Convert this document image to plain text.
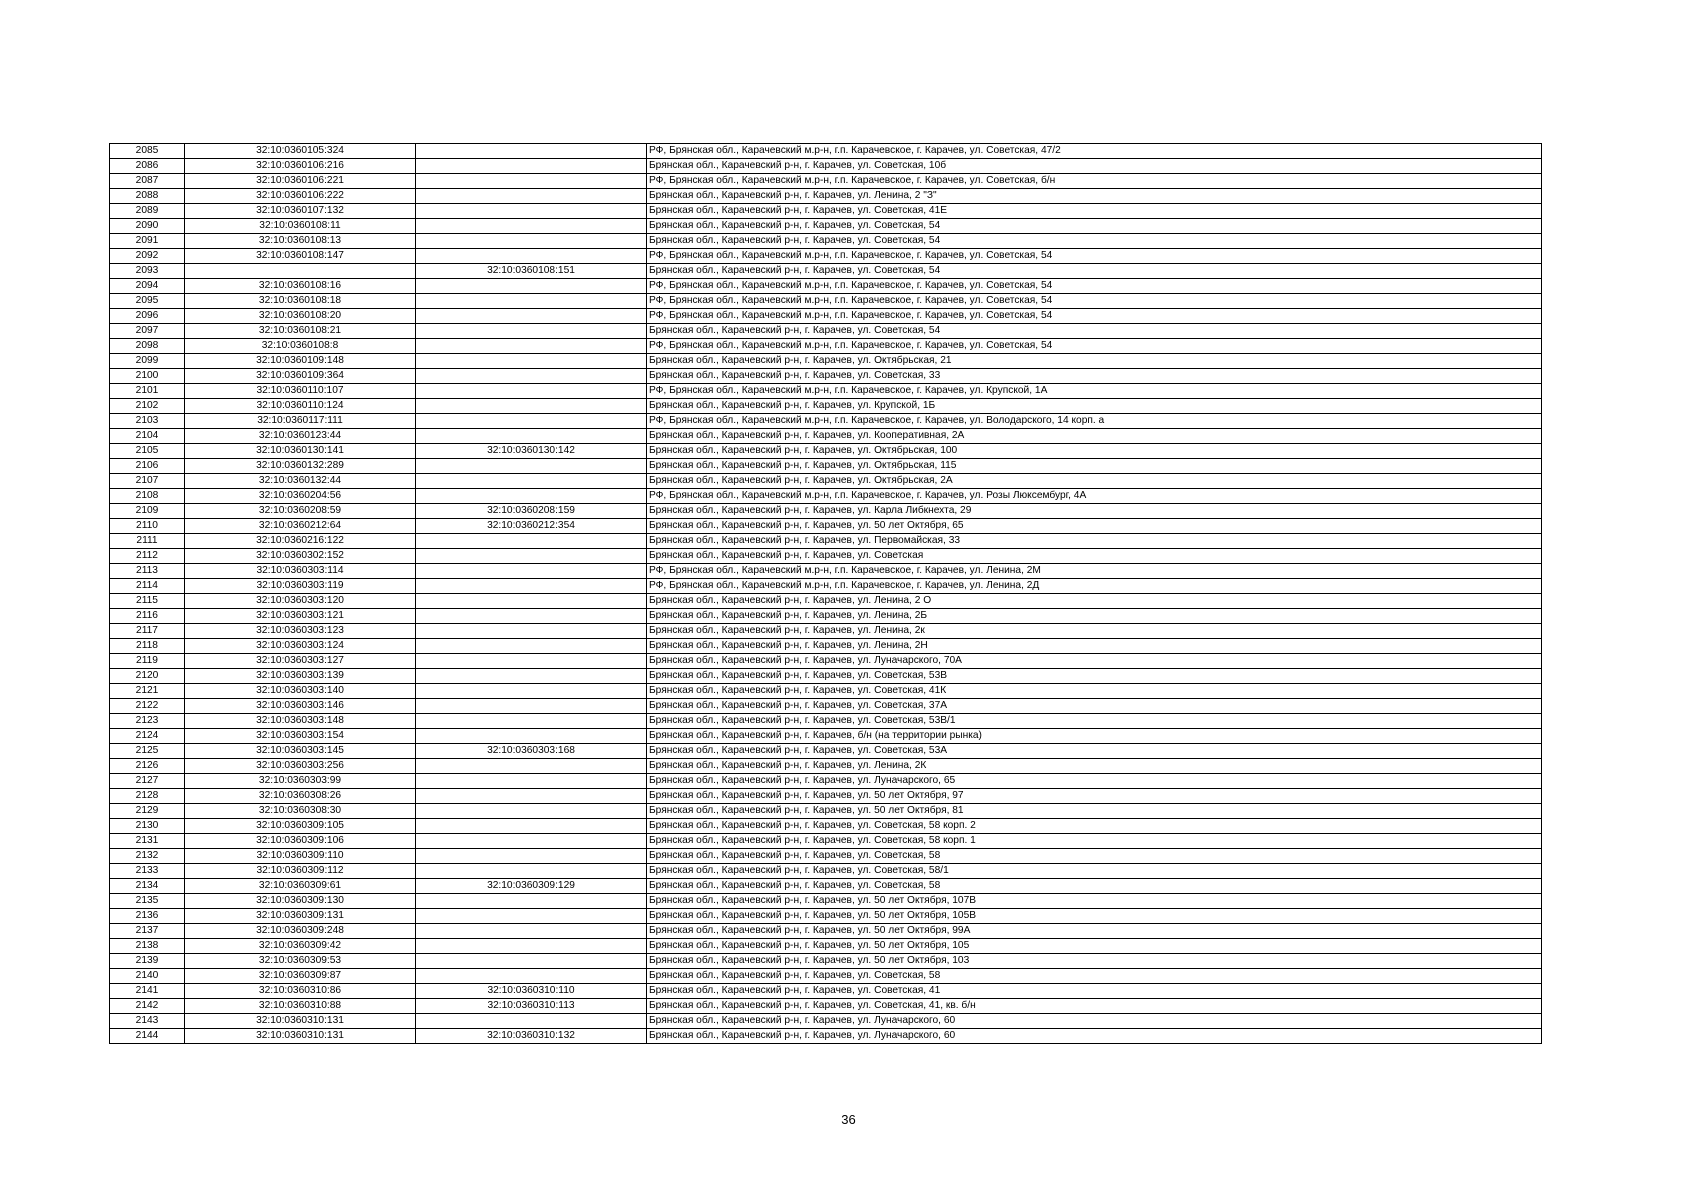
2085	32:10:0360105:324		РФ, Брянская обл., Карачевский м.р-н, г.п. Карачевское, г. Карачев, ул. Советская, 47/2
2086	32:10:0360106:216		Брянская обл., Карачевский р-н, г. Карачев, ул. Советская, 10б
2087	32:10:0360106:221		РФ, Брянская обл., Карачевский м.р-н, г.п. Карачевское, г. Карачев, ул. Советская, б/н
2088	32:10:0360106:222		Брянская обл., Карачевский р-н, г. Карачев, ул. Ленина, 2 "З"
2089	32:10:0360107:132		Брянская обл., Карачевский р-н, г. Карачев, ул. Советская, 41Е
2090	32:10:0360108:11		Брянская обл., Карачевский р-н, г. Карачев, ул. Советская, 54
2091	32:10:0360108:13		Брянская обл., Карачевский р-н, г. Карачев, ул. Советская, 54
2092	32:10:0360108:147		РФ, Брянская обл., Карачевский м.р-н, г.п. Карачевское, г. Карачев, ул. Советская, 54
2093		32:10:0360108:151	Брянская обл., Карачевский р-н, г. Карачев, ул. Советская, 54
2094	32:10:0360108:16		РФ, Брянская обл., Карачевский м.р-н, г.п. Карачевское, г. Карачев, ул. Советская, 54
2095	32:10:0360108:18		РФ, Брянская обл., Карачевский м.р-н, г.п. Карачевское, г. Карачев, ул. Советская, 54
2096	32:10:0360108:20		РФ, Брянская обл., Карачевский м.р-н, г.п. Карачевское, г. Карачев, ул. Советская, 54
2097	32:10:0360108:21		Брянская обл., Карачевский р-н, г. Карачев, ул. Советская, 54
2098	32:10:0360108:8		РФ, Брянская обл., Карачевский м.р-н, г.п. Карачевское, г. Карачев, ул. Советская, 54
2099	32:10:0360109:148		Брянская обл., Карачевский р-н, г. Карачев, ул. Октябрьская, 21
2100	32:10:0360109:364		Брянская обл., Карачевский р-н, г. Карачев, ул. Советская, 33
2101	32:10:0360110:107		РФ, Брянская обл., Карачевский м.р-н, г.п. Карачевское, г. Карачев, ул. Крупской, 1А
2102	32:10:0360110:124		Брянская обл., Карачевский р-н, г. Карачев, ул. Крупской, 1Б
2103	32:10:0360117:111		РФ, Брянская обл., Карачевский м.р-н, г.п. Карачевское, г. Карачев, ул. Володарского, 14 корп. а
2104	32:10:0360123:44		Брянская обл., Карачевский р-н, г. Карачев, ул. Кооперативная, 2А
2105	32:10:0360130:141	32:10:0360130:142	Брянская обл., Карачевский р-н, г. Карачев, ул. Октябрьская, 100
2106	32:10:0360132:289		Брянская обл., Карачевский р-н, г. Карачев, ул. Октябрьская, 115
2107	32:10:0360132:44		Брянская обл., Карачевский р-н, г. Карачев, ул. Октябрьская, 2А
2108	32:10:0360204:56		РФ, Брянская обл., Карачевский м.р-н, г.п. Карачевское, г. Карачев, ул. Розы Люксембург, 4А
2109	32:10:0360208:59	32:10:0360208:159	Брянская обл., Карачевский р-н, г. Карачев, ул. Карла Либкнехта, 29
2110	32:10:0360212:64	32:10:0360212:354	Брянская обл., Карачевский р-н, г. Карачев, ул. 50 лет Октября, 65
2111	32:10:0360216:122		Брянская обл., Карачевский р-н, г. Карачев, ул. Первомайская, 33
2112	32:10:0360302:152		Брянская обл., Карачевский р-н, г. Карачев, ул. Советская
2113	32:10:0360303:114		РФ, Брянская обл., Карачевский м.р-н, г.п. Карачевское, г. Карачев, ул. Ленина, 2М
2114	32:10:0360303:119		РФ, Брянская обл., Карачевский м.р-н, г.п. Карачевское, г. Карачев, ул. Ленина, 2Д
2115	32:10:0360303:120		Брянская обл., Карачевский р-н, г. Карачев, ул. Ленина, 2 О
2116	32:10:0360303:121		Брянская обл., Карачевский р-н, г. Карачев, ул. Ленина, 2Б
2117	32:10:0360303:123		Брянская обл., Карачевский р-н, г. Карачев, ул. Ленина, 2к
2118	32:10:0360303:124		Брянская обл., Карачевский р-н, г. Карачев, ул. Ленина, 2Н
2119	32:10:0360303:127		Брянская обл., Карачевский р-н, г. Карачев, ул. Луначарского, 70А
2120	32:10:0360303:139		Брянская обл., Карачевский р-н, г. Карачев, ул. Советская, 53В
2121	32:10:0360303:140		Брянская обл., Карачевский р-н, г. Карачев, ул. Советская, 41К
2122	32:10:0360303:146		Брянская обл., Карачевский р-н, г. Карачев, ул. Советская, 37А
2123	32:10:0360303:148		Брянская обл., Карачевский р-н, г. Карачев, ул. Советская, 53В/1
2124	32:10:0360303:154		Брянская обл., Карачевский р-н, г. Карачев, б/н (на территории рынка)
2125	32:10:0360303:145	32:10:0360303:168	Брянская обл., Карачевский р-н, г. Карачев, ул. Советская, 53А
2126	32:10:0360303:256		Брянская обл., Карачевский р-н, г. Карачев, ул. Ленина, 2К
2127	32:10:0360303:99		Брянская обл., Карачевский р-н, г. Карачев, ул. Луначарского, 65
2128	32:10:0360308:26		Брянская обл., Карачевский р-н, г. Карачев, ул. 50 лет Октября, 97
2129	32:10:0360308:30		Брянская обл., Карачевский р-н, г. Карачев, ул. 50 лет Октября, 81
2130	32:10:0360309:105		Брянская обл., Карачевский р-н, г. Карачев, ул. Советская, 58 корп. 2
2131	32:10:0360309:106		Брянская обл., Карачевский р-н, г. Карачев, ул. Советская, 58 корп. 1
2132	32:10:0360309:110		Брянская обл., Карачевский р-н, г. Карачев, ул. Советская, 58
2133	32:10:0360309:112		Брянская обл., Карачевский р-н, г. Карачев, ул. Советская, 58/1
2134	32:10:0360309:61	32:10:0360309:129	Брянская обл., Карачевский р-н, г. Карачев, ул. Советская, 58
2135	32:10:0360309:130		Брянская обл., Карачевский р-н, г. Карачев, ул. 50 лет Октября, 107В
2136	32:10:0360309:131		Брянская обл., Карачевский р-н, г. Карачев, ул. 50 лет Октября, 105В
2137	32:10:0360309:248		Брянская обл., Карачевский р-н, г. Карачев, ул. 50 лет Октября, 99А
2138	32:10:0360309:42		Брянская обл., Карачевский р-н, г. Карачев, ул. 50 лет Октября, 105
2139	32:10:0360309:53		Брянская обл., Карачевский р-н, г. Карачев, ул. 50 лет Октября, 103
2140	32:10:0360309:87		Брянская обл., Карачевский р-н, г. Карачев, ул. Советская, 58
2141	32:10:0360310:86	32:10:0360310:110	Брянская обл., Карачевский р-н, г. Карачев, ул. Советская, 41
2142	32:10:0360310:88	32:10:0360310:113	Брянская обл., Карачевский р-н, г. Карачев, ул. Советская, 41, кв. б/н
2143	32:10:0360310:131		Брянская обл., Карачевский р-н, г. Карачев, ул. Луначарского, 60
2144	32:10:0360310:131	32:10:0360310:132	Брянская обл., Карачевский р-н, г. Карачев, ул. Луначарского, 60
36
